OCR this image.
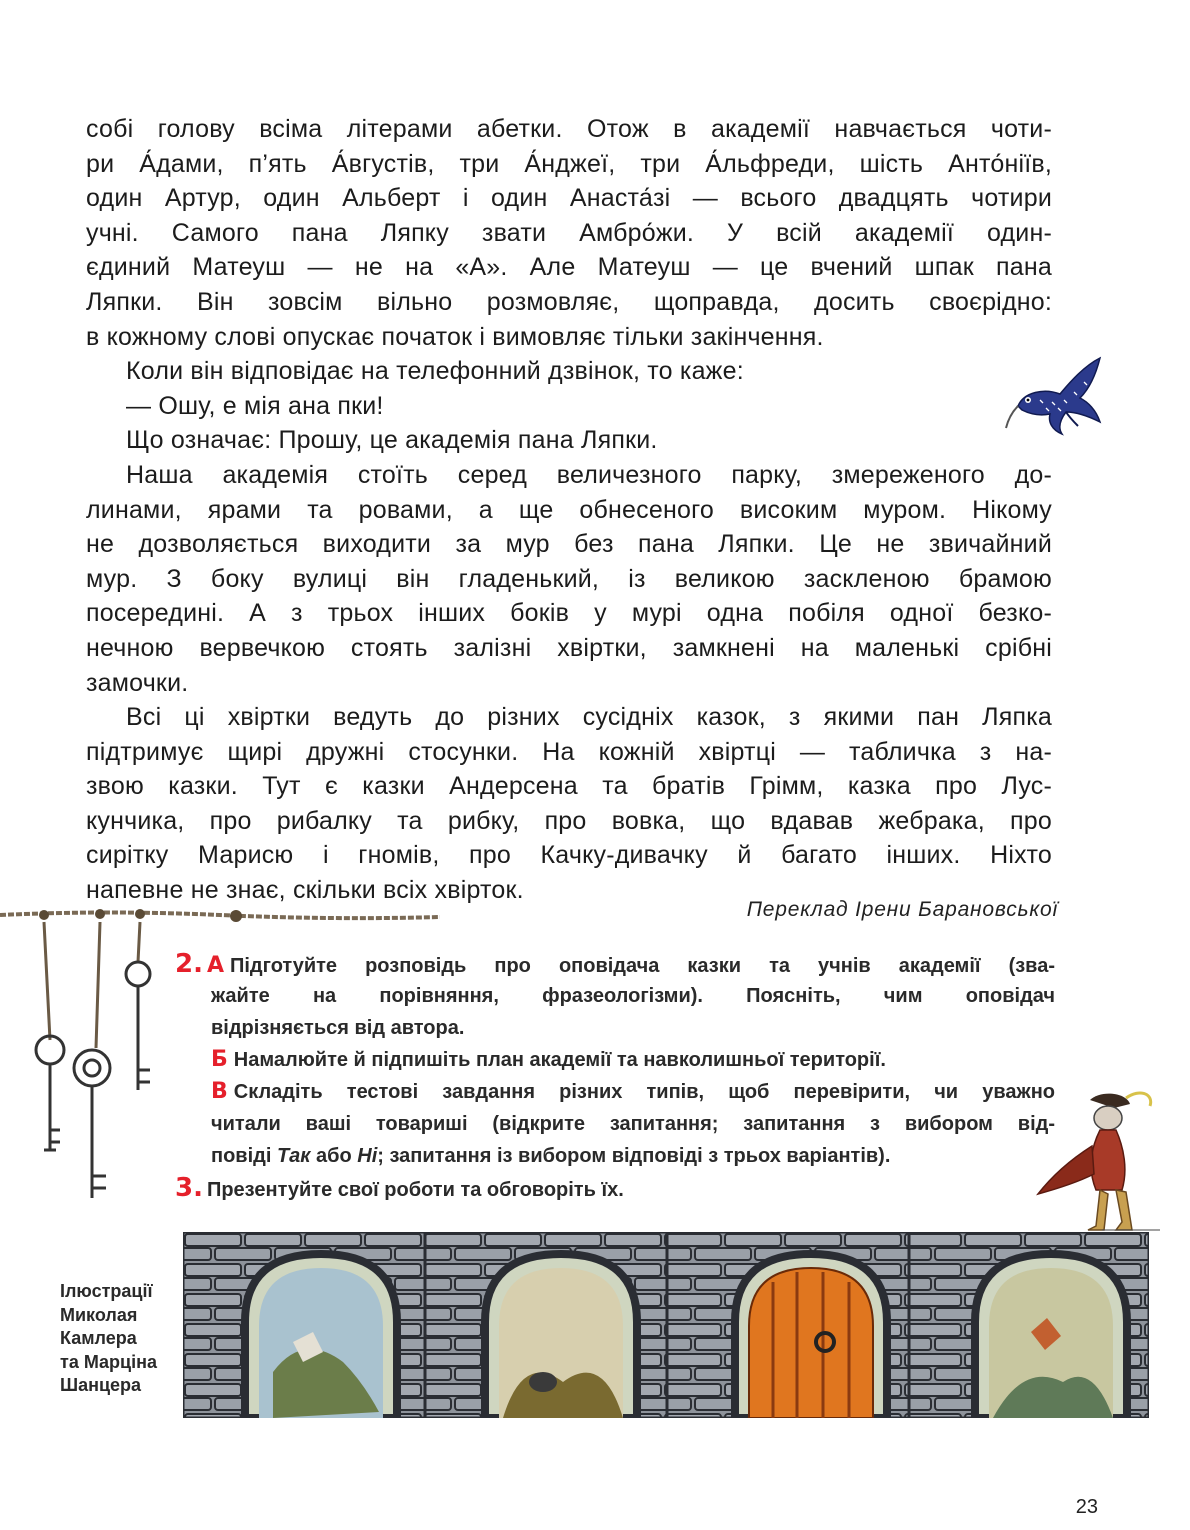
собі голову всіма літерами абетки. Отож в академії навчається чоти-
ри А́дами, п’ять А́вгустів, три А́нджеї, три А́льфреди, шість Анто́ніїв,
один Артур, один Альберт і один Анаста́зі — всього двадцять чотири
учні. Самого пана Ляпку звати Амбро́жи. У всій академії один-
єдиний Матеуш — не на «А». Але Матеуш — це вчений шпак пана
Ляпки. Він зовсім вільно розмовляє, щоправда, досить своєрідно:
в кожному слові опускає початок і вимовляє тільки закінчення.
Коли він відповідає на телефонний дзвінок, то каже:
— Ошу, е мія ана пки!
Що означає: Прошу, це академія пана Ляпки.
Наша академія стоїть серед величезного парку, змереженого до-
линами, ярами та ровами, а ще обнесеного високим муром. Нікому
не дозволяється виходити за мур без пана Ляпки. Це не звичайний
мур. З боку вулиці він гладенький, із великою заскленою брамою
посередині. А з трьох інших боків у мурі одна побіля одної безко-
нечною вервечкою стоять залізні хвіртки, замкнені на маленькі срібні
замочки.
Всі ці хвіртки ведуть до різних сусідніх казок, з якими пан Ляпка
підтримує щирі дружні стосунки. На кожній хвіртці — табличка з на-
звою казки. Тут є казки Андерсена та братів Грімм, казка про Лус-
кунчика, про рибалку та рибку, про вовка, що вдавав жебрака, про
сирітку Марисю і гномів, про Качку-дивачку й багато інших. Ніхто
напевне не знає, скільки всіх хвірток.
Переклад Ірени Барановської
2. А Підготуйте розповідь про оповідача казки та учнів академії (зва-
жайте на порівняння, фразеологізми). Поясніть, чим оповідач
відрізняється від автора.
Б Намалюйте й підпишіть план академії та навколишньої території.
В Складіть тестові завдання різних типів, щоб перевірити, чи уважно
читали ваші товариші (відкрите запитання; запитання з вибором від-
повіді Так або Ні; запитання із вибором відповіді з трьох варіантів).
3. Презентуйте свої роботи та обговоріть їх.
Ілюстрації
Миколая
Камлера
та Марціна
Шанцера
23
